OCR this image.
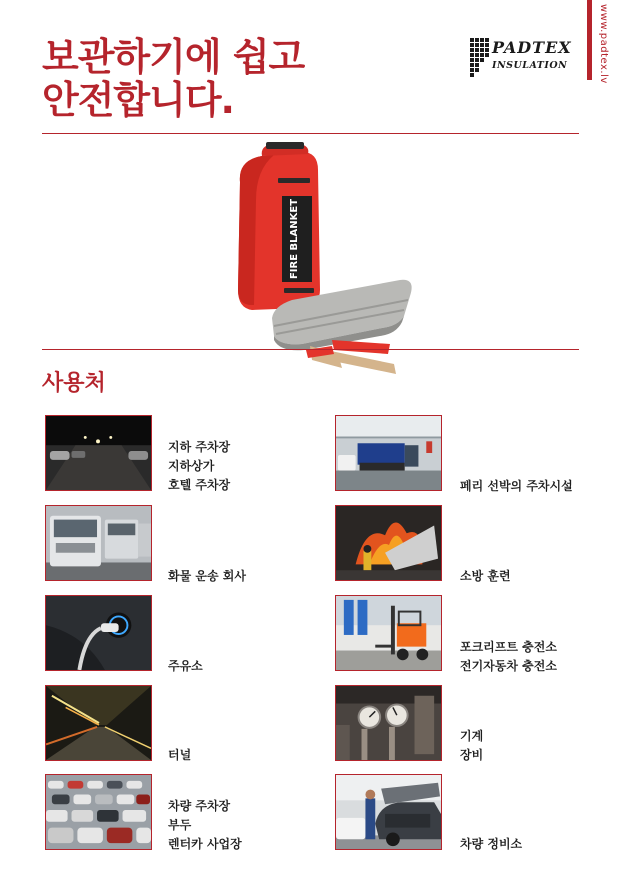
보관하기에 쉽고
안전합니다.
PADTEX
INSULATION	www.padtex.lv
FIRE BLANKET
사용처
지하 주차장
지하상가
호텔 주차장
화물 운송 회사
주유소
터널
차량 주차장
부두
렌터카 사업장
페리 선박의 주차시설
소방 훈련
포크리프트 충전소
전기자동차 충전소
기계
장비
차량 정비소
